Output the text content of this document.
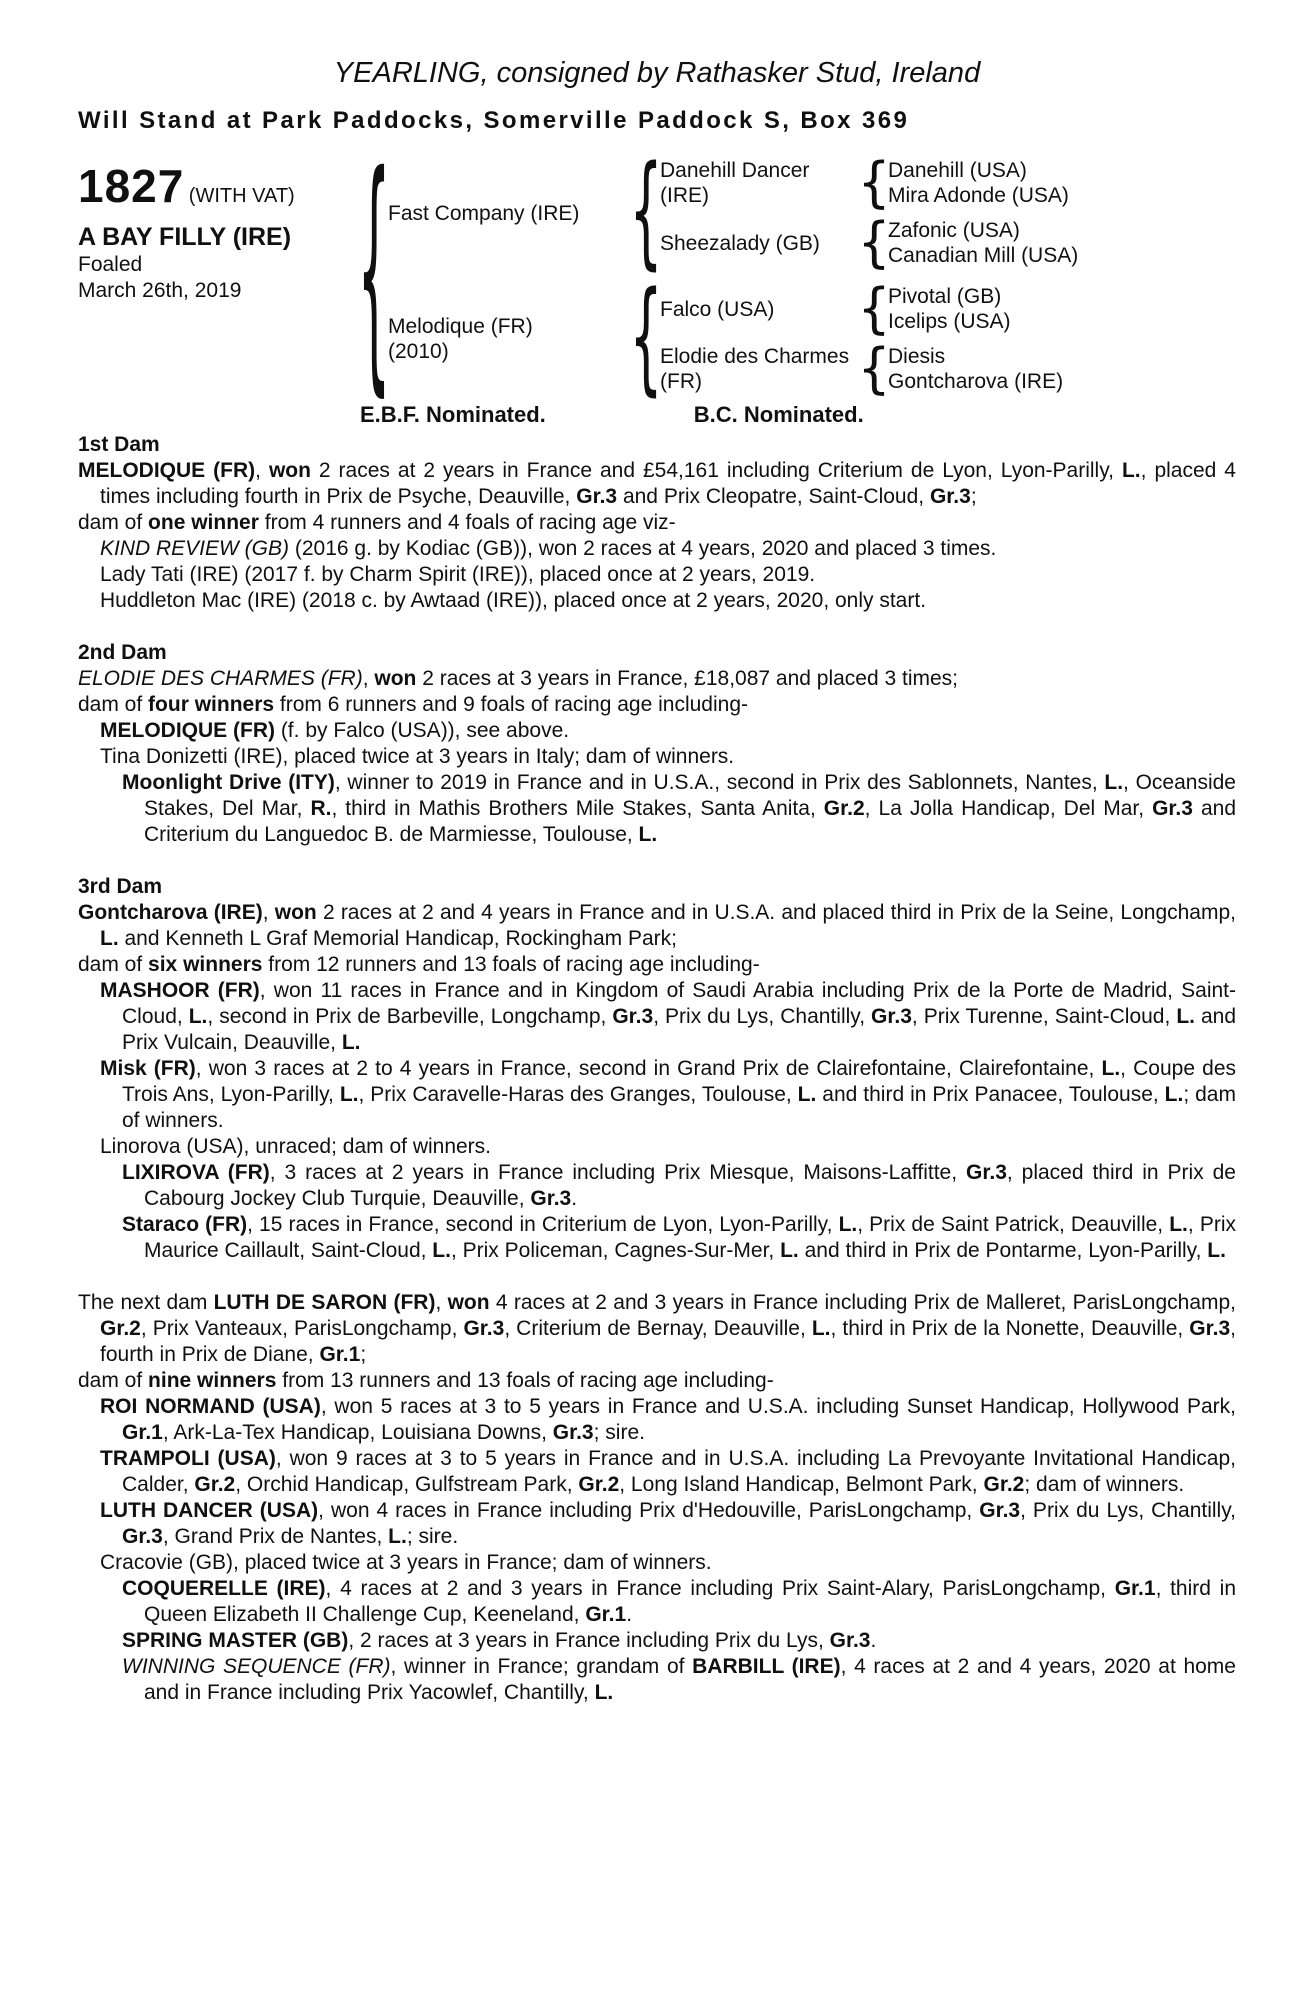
YEARLING, consigned by Rathasker Stud, Ireland
Will Stand at Park Paddocks, Somerville Paddock S, Box 369
1827 (WITH VAT)
A BAY FILLY (IRE)
Foaled
March 26th, 2019	{
Fast Company (IRE) {
Danehill Dancer (IRE)	{
Danehill (USA)
Mira Adonde (USA)
Sheezalady (GB) {
Zafonic (USA)
Canadian Mill (USA)
Melodique (FR)
(2010)	{
Falco (USA)	{
Pivotal (GB)
Icelips (USA)
Elodie des Charmes (FR)	{
Diesis
Gontcharova (IRE)
E.B.F. Nominated.	B.C. Nominated.
1st Dam

MELODIQUE (FR), won 2 races at 2 years in France and £54,161 including Criterium de Lyon, Lyon-Parilly, L., placed 4 times including fourth in Prix de Psyche, Deauville, Gr.3 and Prix Cleopatre, Saint-Cloud, Gr.3;

dam of one winner from 4 runners and 4 foals of racing age viz-

KIND REVIEW (GB) (2016 g. by Kodiac (GB)), won 2 races at 4 years, 2020 and placed 3 times.

Lady Tati (IRE) (2017 f. by Charm Spirit (IRE)), placed once at 2 years, 2019.

Huddleton Mac (IRE) (2018 c. by Awtaad (IRE)), placed once at 2 years, 2020, only start.

2nd Dam

ELODIE DES CHARMES (FR), won 2 races at 3 years in France, £18,087 and placed 3 times;

dam of four winners from 6 runners and 9 foals of racing age including-

MELODIQUE (FR) (f. by Falco (USA)), see above.

Tina Donizetti (IRE), placed twice at 3 years in Italy; dam of winners.

Moonlight Drive (ITY), winner to 2019 in France and in U.S.A., second in Prix des Sablonnets, Nantes, L., Oceanside Stakes, Del Mar, R., third in Mathis Brothers Mile Stakes, Santa Anita, Gr.2, La Jolla Handicap, Del Mar, Gr.3 and Criterium du Languedoc B. de Marmiesse, Toulouse, L.

3rd Dam

Gontcharova (IRE), won 2 races at 2 and 4 years in France and in U.S.A. and placed third in Prix de la Seine, Longchamp, L. and Kenneth L Graf Memorial Handicap, Rockingham Park;

dam of six winners from 12 runners and 13 foals of racing age including-

MASHOOR (FR), won 11 races in France and in Kingdom of Saudi Arabia including Prix de la Porte de Madrid, Saint-Cloud, L., second in Prix de Barbeville, Longchamp, Gr.3, Prix du Lys, Chantilly, Gr.3, Prix Turenne, Saint-Cloud, L. and Prix Vulcain, Deauville, L.

Misk (FR), won 3 races at 2 to 4 years in France, second in Grand Prix de Clairefontaine, Clairefontaine, L., Coupe des Trois Ans, Lyon-Parilly, L., Prix Caravelle-Haras des Granges, Toulouse, L. and third in Prix Panacee, Toulouse, L.; dam of winners.

Linorova (USA), unraced; dam of winners.

LIXIROVA (FR), 3 races at 2 years in France including Prix Miesque, Maisons-Laffitte, Gr.3, placed third in Prix de Cabourg Jockey Club Turquie, Deauville, Gr.3.

Staraco (FR), 15 races in France, second in Criterium de Lyon, Lyon-Parilly, L., Prix de Saint Patrick, Deauville, L., Prix Maurice Caillault, Saint-Cloud, L., Prix Policeman, Cagnes-Sur-Mer, L. and third in Prix de Pontarme, Lyon-Parilly, L.

The next dam LUTH DE SARON (FR), won 4 races at 2 and 3 years in France including Prix de Malleret, ParisLongchamp, Gr.2, Prix Vanteaux, ParisLongchamp, Gr.3, Criterium de Bernay, Deauville, L., third in Prix de la Nonette, Deauville, Gr.3, fourth in Prix de Diane, Gr.1;

dam of nine winners from 13 runners and 13 foals of racing age including-

ROI NORMAND (USA), won 5 races at 3 to 5 years in France and U.S.A. including Sunset Handicap, Hollywood Park, Gr.1, Ark-La-Tex Handicap, Louisiana Downs, Gr.3; sire.

TRAMPOLI (USA), won 9 races at 3 to 5 years in France and in U.S.A. including La Prevoyante Invitational Handicap, Calder, Gr.2, Orchid Handicap, Gulfstream Park, Gr.2, Long Island Handicap, Belmont Park, Gr.2; dam of winners.

LUTH DANCER (USA), won 4 races in France including Prix d'Hedouville, ParisLongchamp, Gr.3, Prix du Lys, Chantilly, Gr.3, Grand Prix de Nantes, L.; sire.

Cracovie (GB), placed twice at 3 years in France; dam of winners.

COQUERELLE (IRE), 4 races at 2 and 3 years in France including Prix Saint-Alary, ParisLongchamp, Gr.1, third in Queen Elizabeth II Challenge Cup, Keeneland, Gr.1.

SPRING MASTER (GB), 2 races at 3 years in France including Prix du Lys, Gr.3.

WINNING SEQUENCE (FR), winner in France; grandam of BARBILL (IRE), 4 races at 2 and 4 years, 2020 at home and in France including Prix Yacowlef, Chantilly, L.
